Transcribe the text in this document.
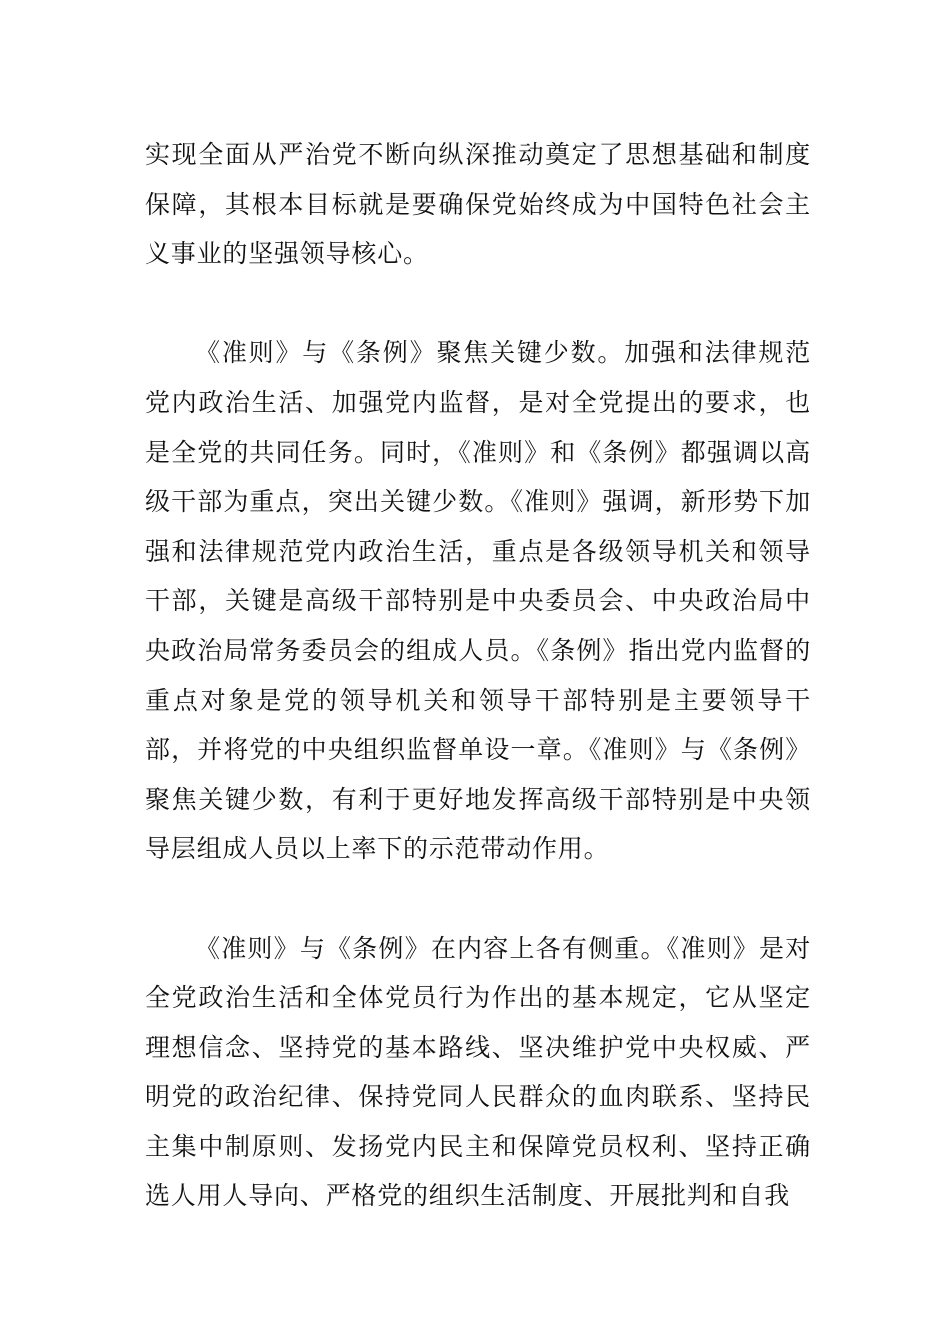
实现全面从严治党不断向纵深推动奠定了思想基础和制度保障，其根本目标就是要确保党始终成为中国特色社会主义事业的坚强领导核心。

《准则》与《条例》聚焦关键少数。加强和法律规范党内政治生活、加强党内监督，是对全党提出的要求，也是全党的共同任务。同时，《准则》和《条例》都强调以高级干部为重点，突出关键少数。《准则》强调，新形势下加强和法律规范党内政治生活，重点是各级领导机关和领导干部，关键是高级干部特别是中央委员会、中央政治局中央政治局常务委员会的组成人员。《条例》指出党内监督的重点对象是党的领导机关和领导干部特别是主要领导干部，并将党的中央组织监督单设一章。《准则》与《条例》聚焦关键少数，有利于更好地发挥高级干部特别是中央领导层组成人员以上率下的示范带动作用。

《准则》与《条例》在内容上各有侧重。《准则》是对全党政治生活和全体党员行为作出的基本规定，它从坚定理想信念、坚持党的基本路线、坚决维护党中央权威、严明党的政治纪律、保持党同人民群众的血肉联系、坚持民主集中制原则、发扬党内民主和保障党员权利、坚持正确选人用人导向、严格党的组织生活制度、开展批判和自我
